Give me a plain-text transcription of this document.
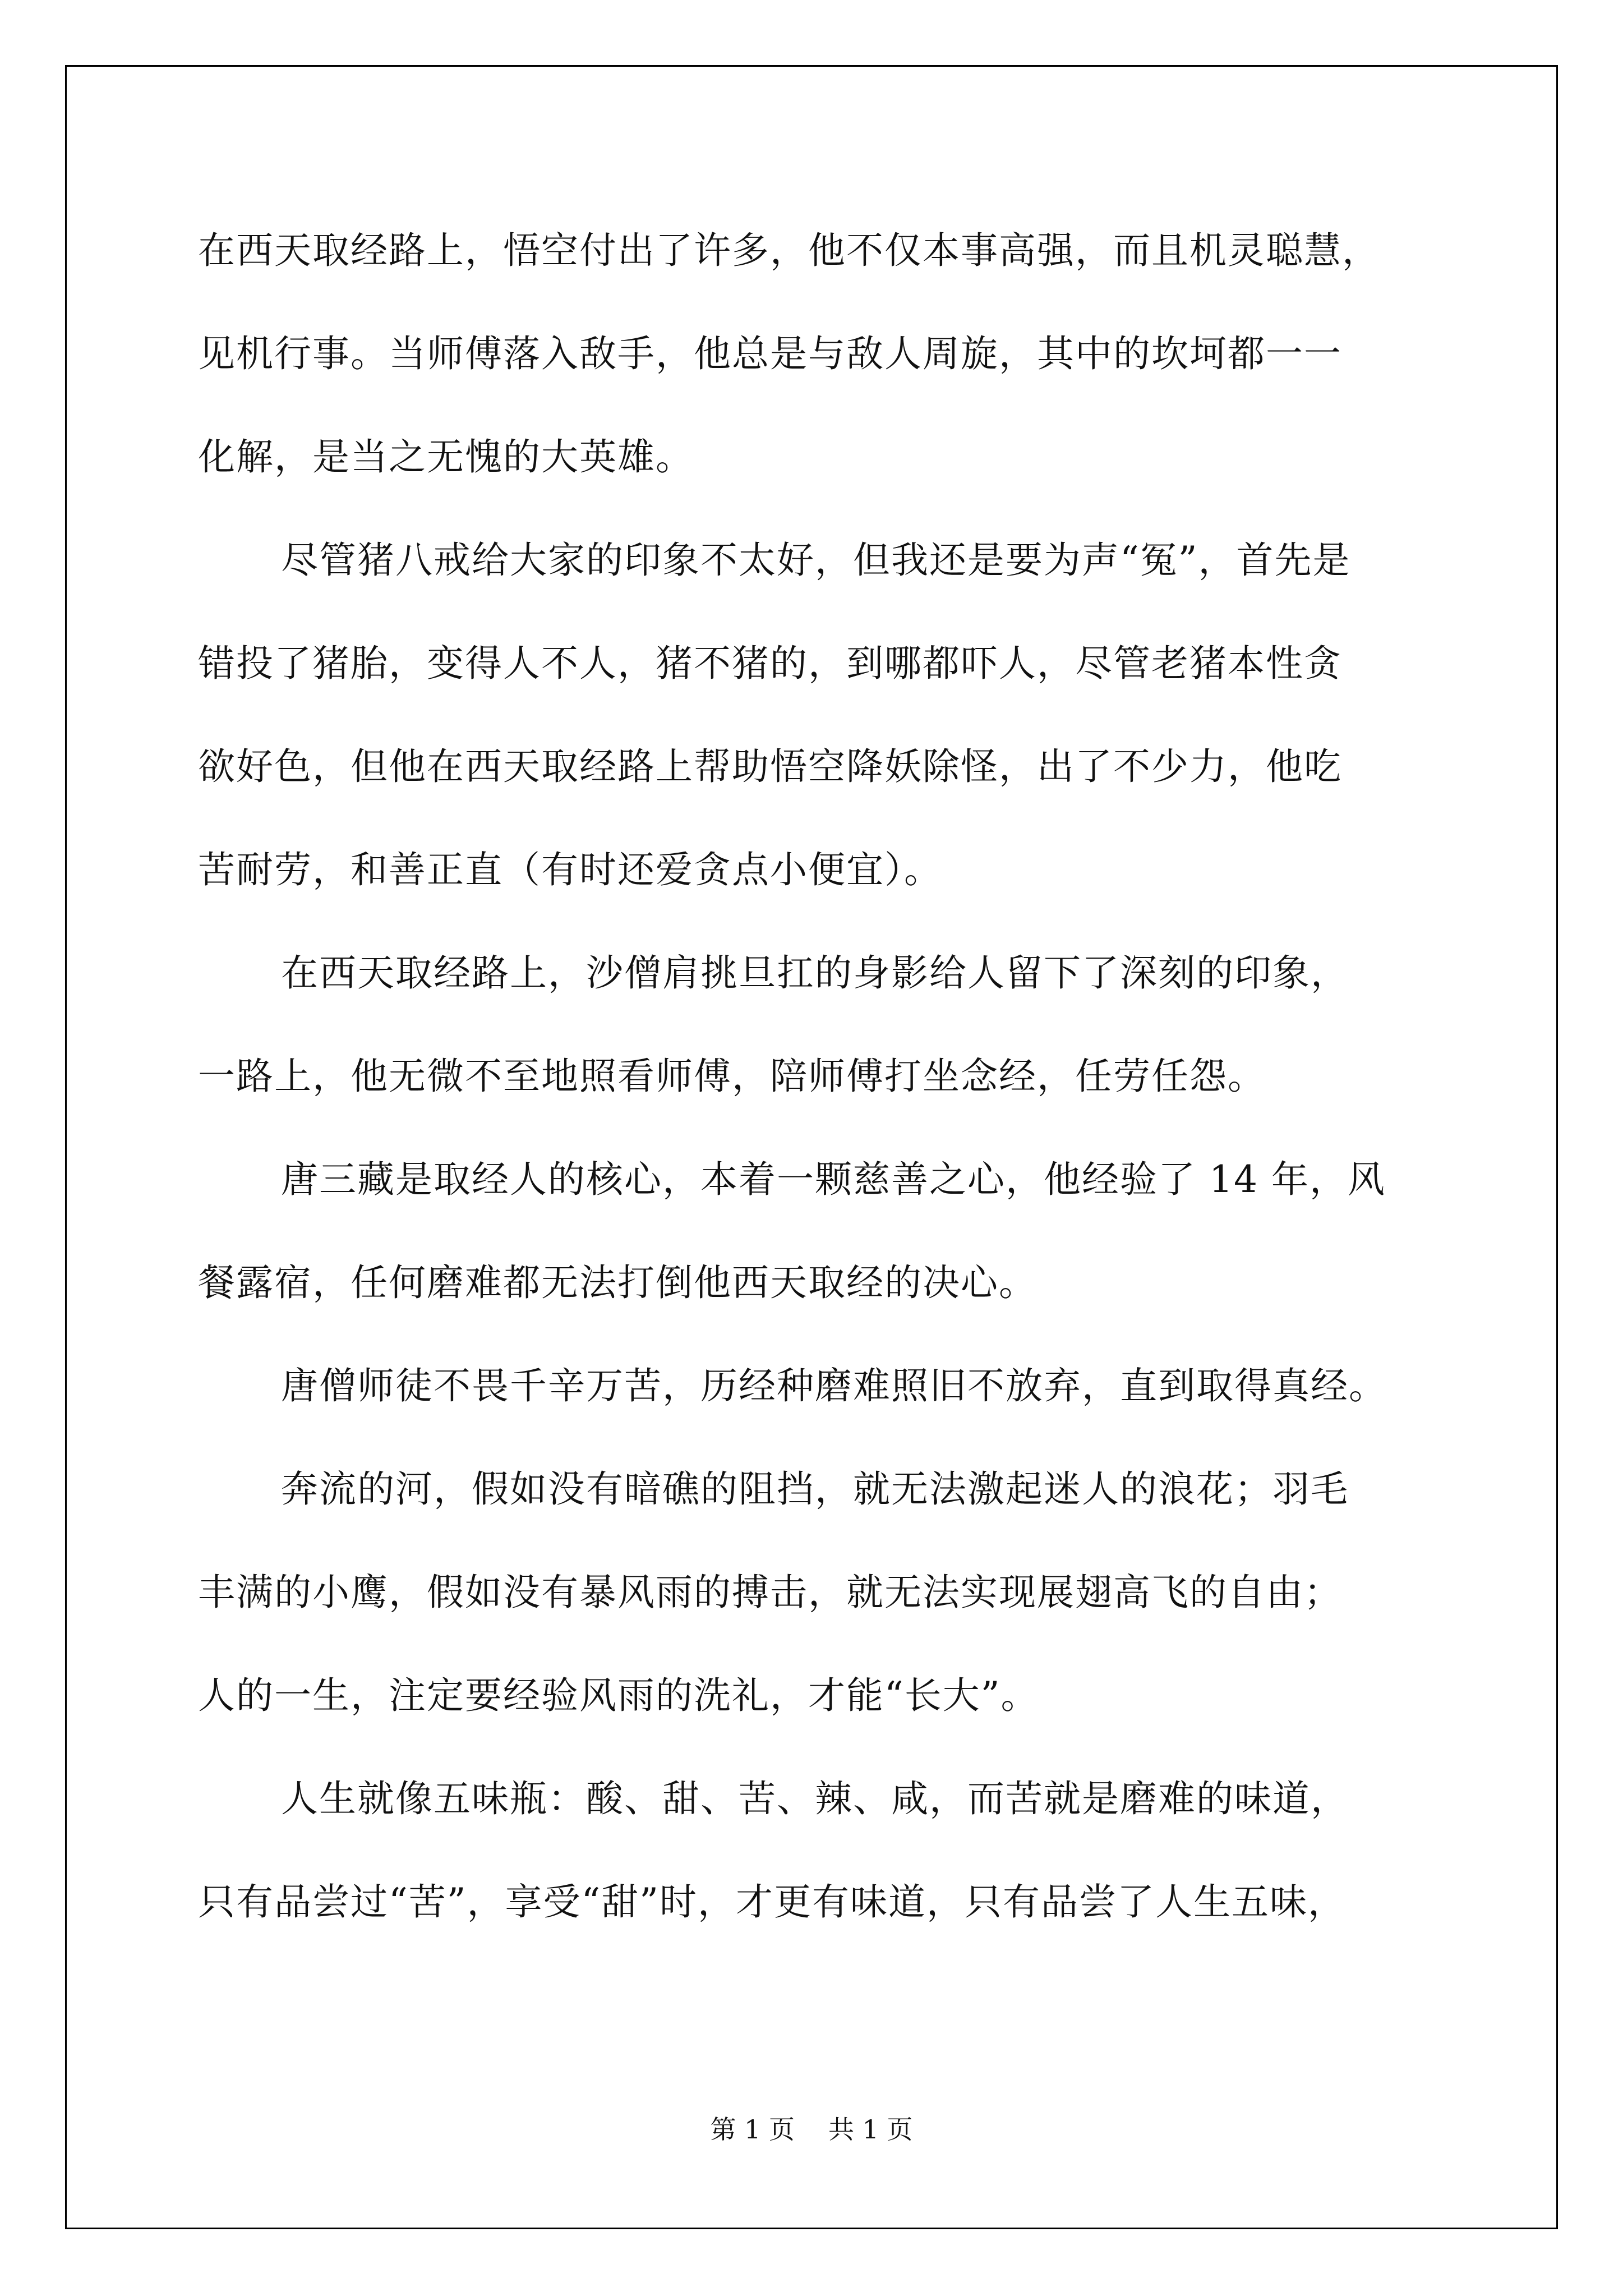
在西天取经路上，悟空付出了许多，他不仅本事高强，而且机灵聪慧，
见机行事。当师傅落入敌手，他总是与敌人周旋，其中的坎坷都一一
化解，是当之无愧的大英雄。
尽管猪八戒给大家的印象不太好，但我还是要为声“冤”，首先是
错投了猪胎，变得人不人，猪不猪的，到哪都吓人，尽管老猪本性贪
欲好色，但他在西天取经路上帮助悟空降妖除怪，出了不少力，他吃
苦耐劳，和善正直（有时还爱贪点小便宜）。
在西天取经路上，沙僧肩挑旦扛的身影给人留下了深刻的印象，
一路上，他无微不至地照看师傅，陪师傅打坐念经，任劳任怨。
唐三藏是取经人的核心，本着一颗慈善之心，他经验了 14 年，风
餐露宿，任何磨难都无法打倒他西天取经的决心。
唐僧师徒不畏千辛万苦，历经种磨难照旧不放弃，直到取得真经。
奔流的河，假如没有暗礁的阻挡，就无法激起迷人的浪花；羽毛
丰满的小鹰，假如没有暴风雨的搏击，就无法实现展翅高飞的自由；
人的一生，注定要经验风雨的洗礼，才能“长大”。
人生就像五味瓶：酸、甜、苦、辣、咸，而苦就是磨难的味道，
只有品尝过“苦”，享受“甜”时，才更有味道，只有品尝了人生五味，
第 1 页 共 1 页
